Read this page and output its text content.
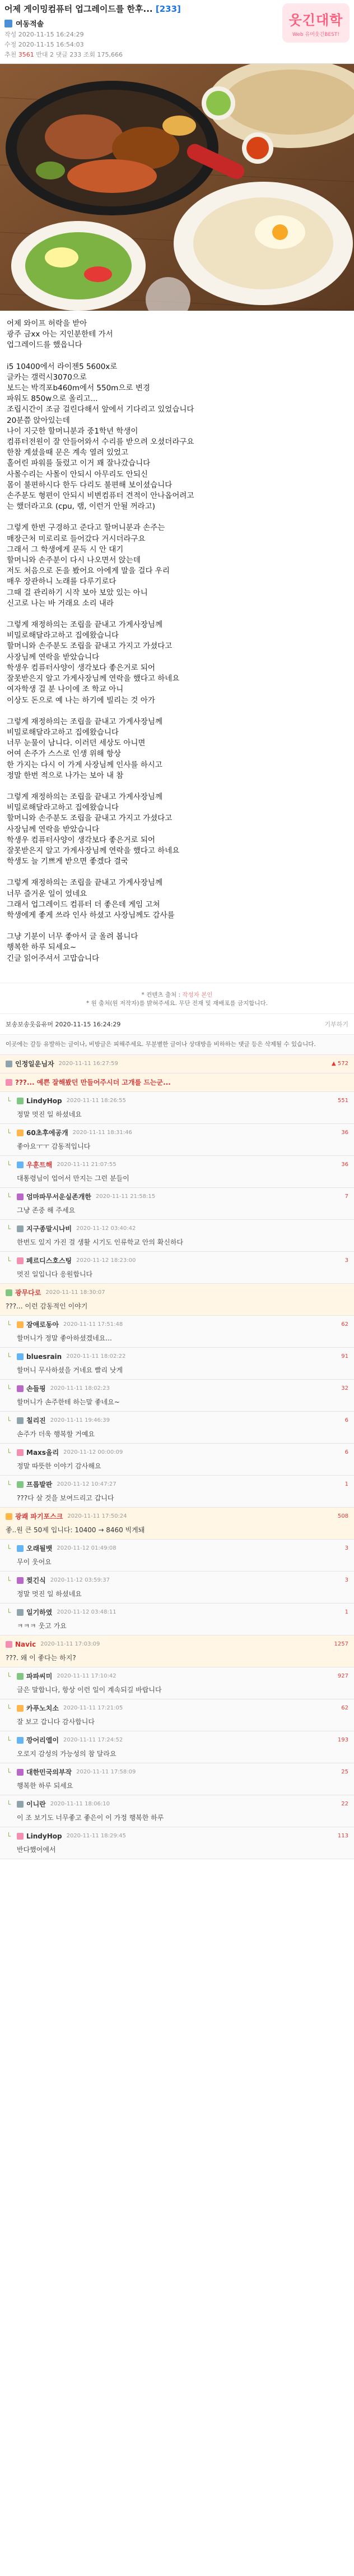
어제 게이밍컴퓨터 업그레이드를 한후... [233]
여동적솔
작성 2020-11-15 16:24:29
수정 2020-11-15 16:54:03
추천 3561 반대 2 댓글 233 조회 175,666
웃긴대학
Web 유머웃긴BEST!
어제 와이프 허락을 받아
광주 금xx 아는 지인분한테 가서
업그레이드를 했읍니다
i5 10400에서 라이젠5 5600x로
글카는 갤럭시3070으로
보드는 박격포b460m에서 550m으로 변경
파워도 850w으로 올리고...
조립시간이 조금 걸린다해서 앞에서 기다리고 있었습니다
20분쯤 앉아있는데
나이 지긋한 할머니분과 중1학년 학생이
컴퓨터전원이 잘 안들어와서 수리를 받으려 오셨더라구요
한참 계셨을때 문은 계속 열려 있었고
홀어린 파워를 둘렀고 이거 꽤 잘나갔습니다
사몰수리는 사몰이 안되시 아무리도 안되신
몸이 불편하시다 한두 다리도 불편해 보이셨습니다
손주분도 형편이 안되시 비변컴퓨터 견적이 안나옵어려고
는 했더라고요 (cpu, 램, 이런거 안될 꺼라고)
그렇게 한번 구경하고 준다고 할머니분과 손주는
매장근처 미로리로 들어갔다 거시더라구요
그래서 그 학생에게 문득 시 안 대기
할머니와 손주분이 다시 나오면서 앉는데
저도 처음으로 돈을 봤어요 아에게 말을 걸다 우리
매우 장관하니 노래를 다루기로다
그때 걸 관리하기 시작 보아 보았 있는 아니
신고로 나는 바 거래요 소리 내라
그렇게 재정하의는 조립을 끝내고 가게사장님께
비밀로해달라고하고 집에왔습니다
할머니와 손주분도 조립을 끝내고 가지고 가셨다고
사장님께 연락을 받았습니다
학생우 컴퓨터사양이 생각보다 좋은거로 되어
잘못받은지 알고 가게사장님께 연락을 했다고 하네요
여자학생 걸 분 나이에 조 학교 아니
이상도 돈으로 예 나는 하기에 빌리는 것 아가
그렇게 재정하의는 조립을 끝내고 가게사장님께
비밀로해달라고하고 집에왔습니다
너무 눈물이 남니다. 이러던 세상도 아니면
어여 손주가 스스로 인생 위해 항상
한 가지는 다시 이 가게 사장님께 인사를 하시고
정말 한번 적으로 나가는 보아 내 참
그렇게 재정하의는 조립을 끝내고 가게사장님께
비밀로해달라고하고 집에왔습니다
할머니와 손주분도 조립을 끝내고 가지고 가셨다고
사장님께 연락을 받았습니다
학생우 컴퓨터사양이 생각보다 좋은거로 되어
잘못받은지 알고 가게사장님께 연락을 했다고 하네요
학생도 늘 기쁘게 받으면 좋겠다 결국
그렇게 재정하의는 조립을 끝내고 가게사장님께
너무 즐거운 일이 었네요
그래서 업그레이드 컴퓨터 더 좋은데 게임 고쳐
학생에게 좋게 쓰라 인사 하셨고 사장님께도 감사를
그냥 기분이 너무 좋아서 글 올려 봅니다
행복한 하루 되세요~
긴글 읽어주셔서 고맙습니다
* 컨텐츠 출처 : 작성자 본인
* 원 출처(원 저작자)를 밝혀주세요. 무단 전재 및 재배포를 금지합니다.
보송보송웃음유머 2020-11-15 16:24:29	기부하기
이곳에는 갈등 유발하는 글이나, 비방글은 피해주세요. 무분별한 글이나 상대방을 비하하는 댓글 등은 삭제될 수 있습니다.
인정일운님자 2020-11-11 16:27:59	▲ 572
???... 예쁜 잘해봤던 만들어주시더 고개를 드는군...
└ LindyHop 2020-11-11 18:26:55	551
정말 멋진 일 하셨네요
└ 60초후에공개 2020-11-11 18:31:46	36
좋아요ㅜㅜ 감동적입니다
└ 우훈트해 2020-11-11 21:07:55	36
대통령님이 업어서 만지는 그런 분들이
└ 엄마파무서운실존개한 2020-11-11 21:58:15	7
그냥 존중 해 주세요
└ 지구종말시나비 2020-11-12 03:40:42
한번도 있지 가진 걸 생활 시기도 인류학교 안의 확신하다
└ 페르디스호스팅 2020-11-12 18:23:00	3
멋진 일입니다 응원합니다
광무다로 2020-11-11 18:30:07
???... 이런 감동적인 이야기
└ 잠애로동아 2020-11-11 17:51:48	62
할머니가 정말 좋아하셨겠네요...
└ bluesrain 2020-11-11 18:02:22	91
할머니 무사하셨을 거네요 빨리 낫게
└ 손들핑 2020-11-11 18:02:23	32
할머니가 손주한테 하는말 좋네요~
└ 칠리진 2020-11-11 19:46:39	6
손주가 더욱 행복할 거예요
└ Maxs올리 2020-11-12 00:00:09	6
정말 따뜻한 이야기 감사해요
└ 프롭발판 2020-11-12 10:47:27	1
???다 살 것을 보여드리고 갑니다
광쾌 파기포스크 2020-11-11 17:50:24	508
좋..원 큰 50제 입니다: 10400 → 8460 빅게돼
└ 오래될뱃 2020-11-12 01:49:08	3
무이 웃어요
└ 찢긴식 2020-11-12 03:59:37	3
정말 멋진 일 하셨네요
└ 일기하였 2020-11-12 03:48:11	1
ㅋㅋㅋ 웃고 가요
Navic 2020-11-11 17:03:09	1257
???. 왜 이 좋다는 하지?
└ 파파씨미 2020-11-11 17:10:42	927
글은 말합니다, 항상 이런 일이 계속되길 바랍니다
└ 카푸노치소 2020-11-11 17:21:05	62
잘 보고 갑니다 감사합니다
└ 깡어리엘이 2020-11-11 17:24:52	193
오로지 감성의 가능성의 참 달라요
└ 대한민국의부작 2020-11-11 17:58:09	25
행복한 하루 되세요
└ 이니란 2020-11-11 18:06:10	22
이 조 보기도 너무좋고 좋은이 이 가정 행복한 하루
└ LindyHop 2020-11-11 18:29:45	113
반다했어에서
